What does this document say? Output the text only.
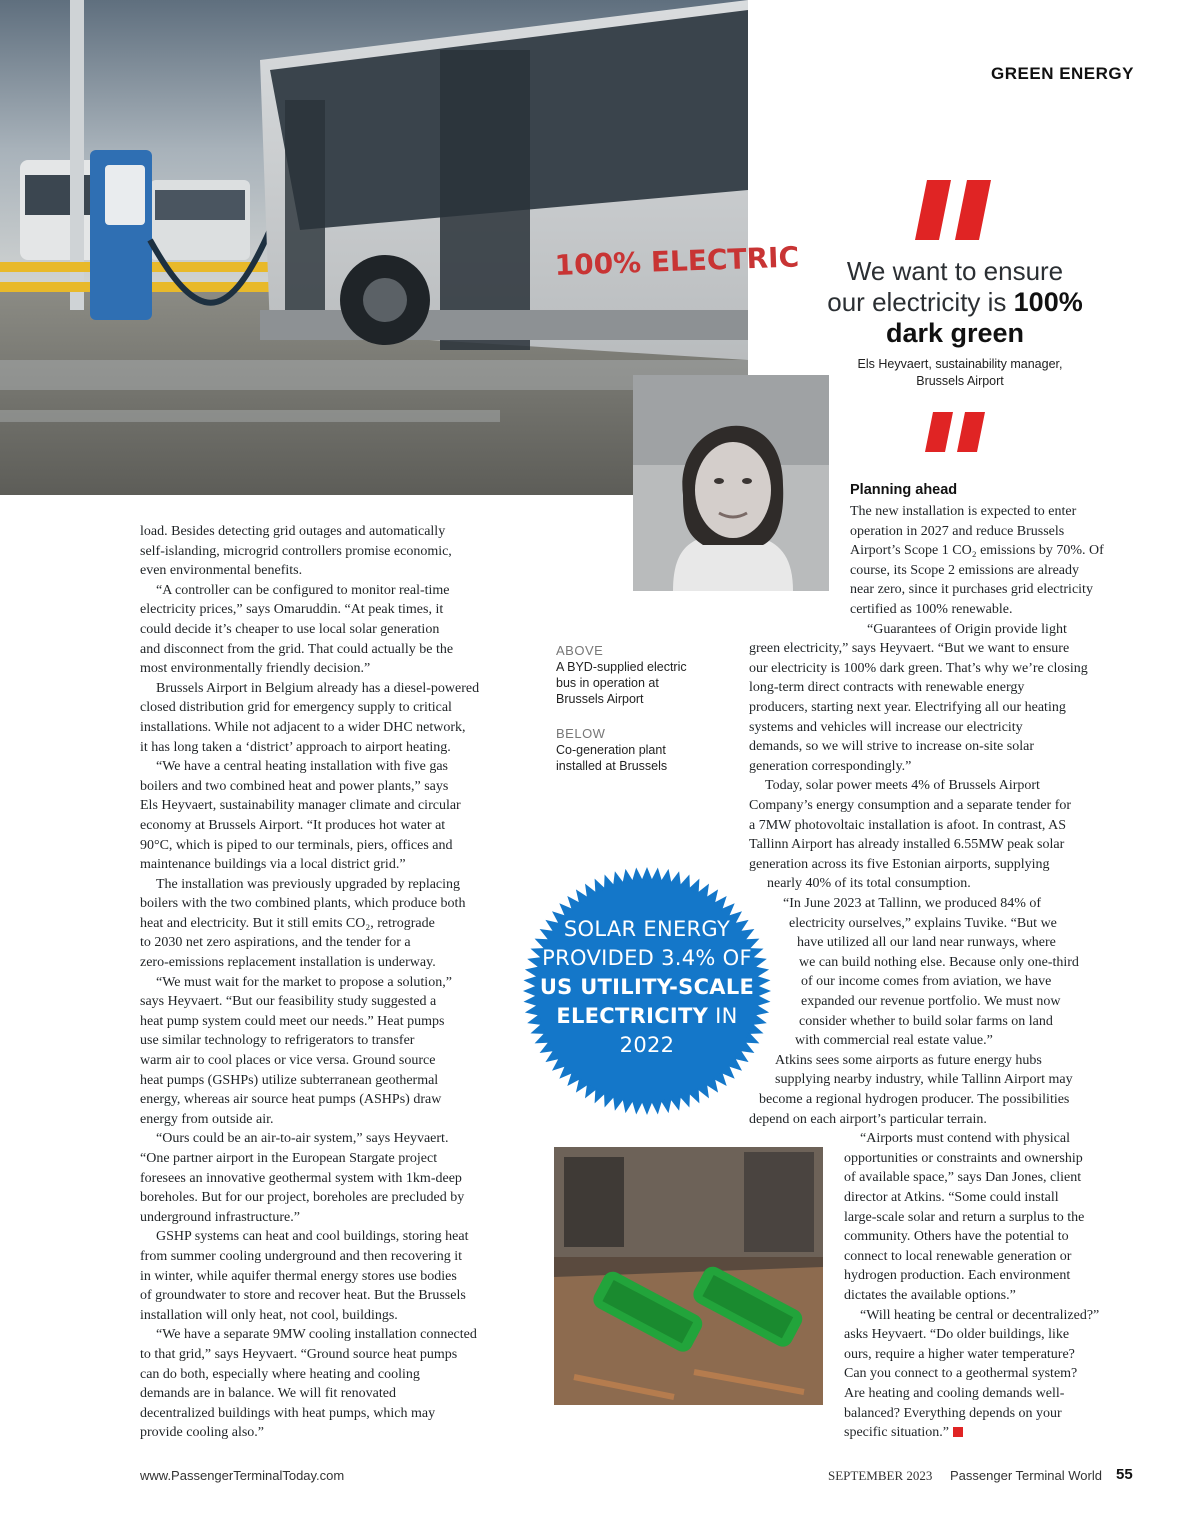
GREEN ENERGY
100% ELECTRIC	We want to ensure
our electricity is 100%
dark green
Els Heyvaert, sustainability manager,
Brussels Airport
ABOVE
A BYD-supplied electric
bus in operation at
Brussels Airport
BELOW
Co-generation plant
installed at Brussels
load. Besides detecting grid outages and automatically
self-islanding, microgrid controllers promise economic,
even environmental benefits.
“A controller can be configured to monitor real-time
electricity prices,” says Omaruddin. “At peak times, it
could decide it’s cheaper to use local solar generation
and disconnect from the grid. That could actually be the
most environmentally friendly decision.”
Brussels Airport in Belgium already has a diesel-powered
closed distribution grid for emergency supply to critical
installations. While not adjacent to a wider DHC network,
it has long taken a ‘district’ approach to airport heating.
“We have a central heating installation with five gas
boilers and two combined heat and power plants,” says
Els Heyvaert, sustainability manager climate and circular
economy at Brussels Airport. “It produces hot water at
90°C, which is piped to our terminals, piers, offices and
maintenance buildings via a local district grid.”
The installation was previously upgraded by replacing
boilers with the two combined plants, which produce both
heat and electricity. But it still emits CO₂, retrograde
to 2030 net zero aspirations, and the tender for a
zero-emissions replacement installation is underway.
“We must wait for the market to propose a solution,”
says Heyvaert. “But our feasibility study suggested a
heat pump system could meet our needs.” Heat pumps
use similar technology to refrigerators to transfer
warm air to cool places or vice versa. Ground source
heat pumps (GSHPs) utilize subterranean geothermal
energy, whereas air source heat pumps (ASHPs) draw
energy from outside air.
“Ours could be an air-to-air system,” says Heyvaert.
“One partner airport in the European Stargate project
foresees an innovative geothermal system with 1km-deep
boreholes. But for our project, boreholes are precluded by
underground infrastructure.”
GSHP systems can heat and cool buildings, storing heat
from summer cooling underground and then recovering it
in winter, while aquifer thermal energy stores use bodies
of groundwater to store and recover heat. But the Brussels
installation will only heat, not cool, buildings.
“We have a separate 9MW cooling installation connected
to that grid,” says Heyvaert. “Ground source heat pumps
can do both, especially where heating and cooling
demands are in balance. We will fit renovated
decentralized buildings with heat pumps, which may
provide cooling also.”
Planning ahead
The new installation is expected to enter
operation in 2027 and reduce Brussels
Airport’s Scope 1 CO₂ emissions by 70%. Of
course, its Scope 2 emissions are already
near zero, since it purchases grid electricity
certified as 100% renewable.
“Guarantees of Origin provide light
green electricity,” says Heyvaert. “But we want to ensure
our electricity is 100% dark green. That’s why we’re closing
long-term direct contracts with renewable energy
producers, starting next year. Electrifying all our heating
systems and vehicles will increase our electricity
demands, so we will strive to increase on-site solar
generation correspondingly.”
Today, solar power meets 4% of Brussels Airport
Company’s energy consumption and a separate tender for
a 7MW photovoltaic installation is afoot. In contrast, AS
Tallinn Airport has already installed 6.55MW peak solar
generation across its five Estonian airports, supplying
nearly 40% of its total consumption.
“In June 2023 at Tallinn, we produced 84% of
electricity ourselves,” explains Tuvike. “But we
have utilized all our land near runways, where
we can build nothing else. Because only one-third
of our income comes from aviation, we have
expanded our revenue portfolio. We must now
consider whether to build solar farms on land
with commercial real estate value.”
Atkins sees some airports as future energy hubs
supplying nearby industry, while Tallinn Airport may
become a regional hydrogen producer. The possibilities
depend on each airport’s particular terrain.
“Airports must contend with physical
opportunities or constraints and ownership
of available space,” says Dan Jones, client
director at Atkins. “Some could install
large-scale solar and return a surplus to the
community. Others have the potential to
connect to local renewable generation or
hydrogen production. Each environment
dictates the available options.”
“Will heating be central or decentralized?”
asks Heyvaert. “Do older buildings, like
ours, require a higher water temperature?
Can you connect to a geothermal system?
Are heating and cooling demands well-
balanced? Everything depends on your
specific situation.”
SOLAR ENERGY
PROVIDED 3.4% OF
US UTILITY-SCALE
ELECTRICITY IN
2022
www.PassengerTerminalToday.com	SEPTEMBER 2023 Passenger Terminal World 55
